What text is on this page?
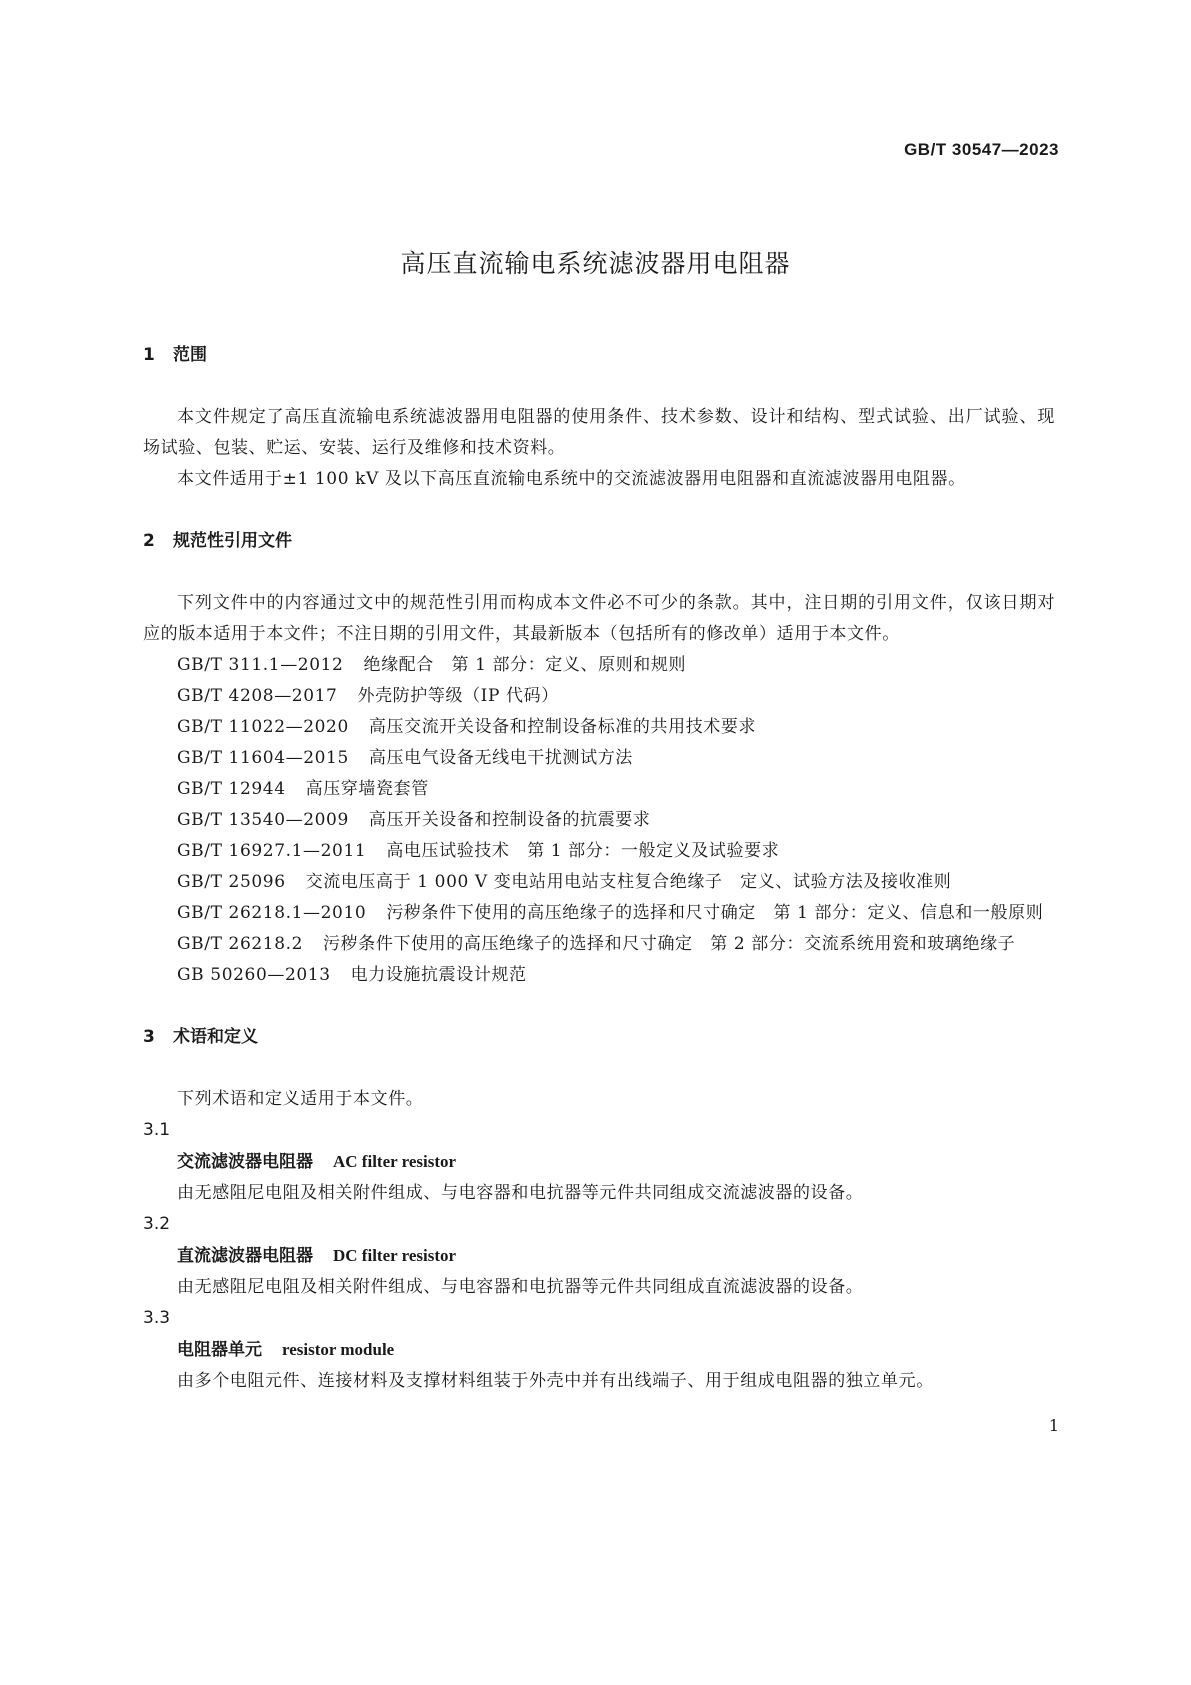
GB/T 30547—2023
高压直流输电系统滤波器用电阻器
1	范围

本文件规定了高压直流输电系统滤波器用电阻器的使用条件、技术参数、设计和结构、型式试验、出厂试验、现场试验、包装、贮运、安装、运行及维修和技术资料。

本文件适用于±1 100 kV 及以下高压直流输电系统中的交流滤波器用电阻器和直流滤波器用电阻器。

2	规范性引用文件

下列文件中的内容通过文中的规范性引用而构成本文件必不可少的条款。其中，注日期的引用文件，仅该日期对应的版本适用于本文件；不注日期的引用文件，其最新版本（包括所有的修改单）适用于本文件。

GB/T 311.1—2012 绝缘配合　第 1 部分：定义、原则和规则
GB/T 4208—2017 外壳防护等级（IP 代码）
GB/T 11022—2020 高压交流开关设备和控制设备标准的共用技术要求
GB/T 11604—2015 高压电气设备无线电干扰测试方法
GB/T 12944 高压穿墙瓷套管
GB/T 13540—2009 高压开关设备和控制设备的抗震要求
GB/T 16927.1—2011 高电压试验技术　第 1 部分：一般定义及试验要求
GB/T 25096 交流电压高于 1 000 V 变电站用电站支柱复合绝缘子　定义、试验方法及接收准则
GB/T 26218.1—2010 污秽条件下使用的高压绝缘子的选择和尺寸确定　第 1 部分：定义、信息和一般原则
GB/T 26218.2 污秽条件下使用的高压绝缘子的选择和尺寸确定　第 2 部分：交流系统用瓷和玻璃绝缘子
GB 50260—2013 电力设施抗震设计规范
3	术语和定义

下列术语和定义适用于本文件。

3.1
交流滤波器电阻器 AC filter resistor
由无感阻尼电阻及相关附件组成、与电容器和电抗器等元件共同组成交流滤波器的设备。
3.2
直流滤波器电阻器 DC filter resistor
由无感阻尼电阻及相关附件组成、与电容器和电抗器等元件共同组成直流滤波器的设备。
3.3
电阻器单元 resistor module
由多个电阻元件、连接材料及支撑材料组装于外壳中并有出线端子、用于组成电阻器的独立单元。
1
